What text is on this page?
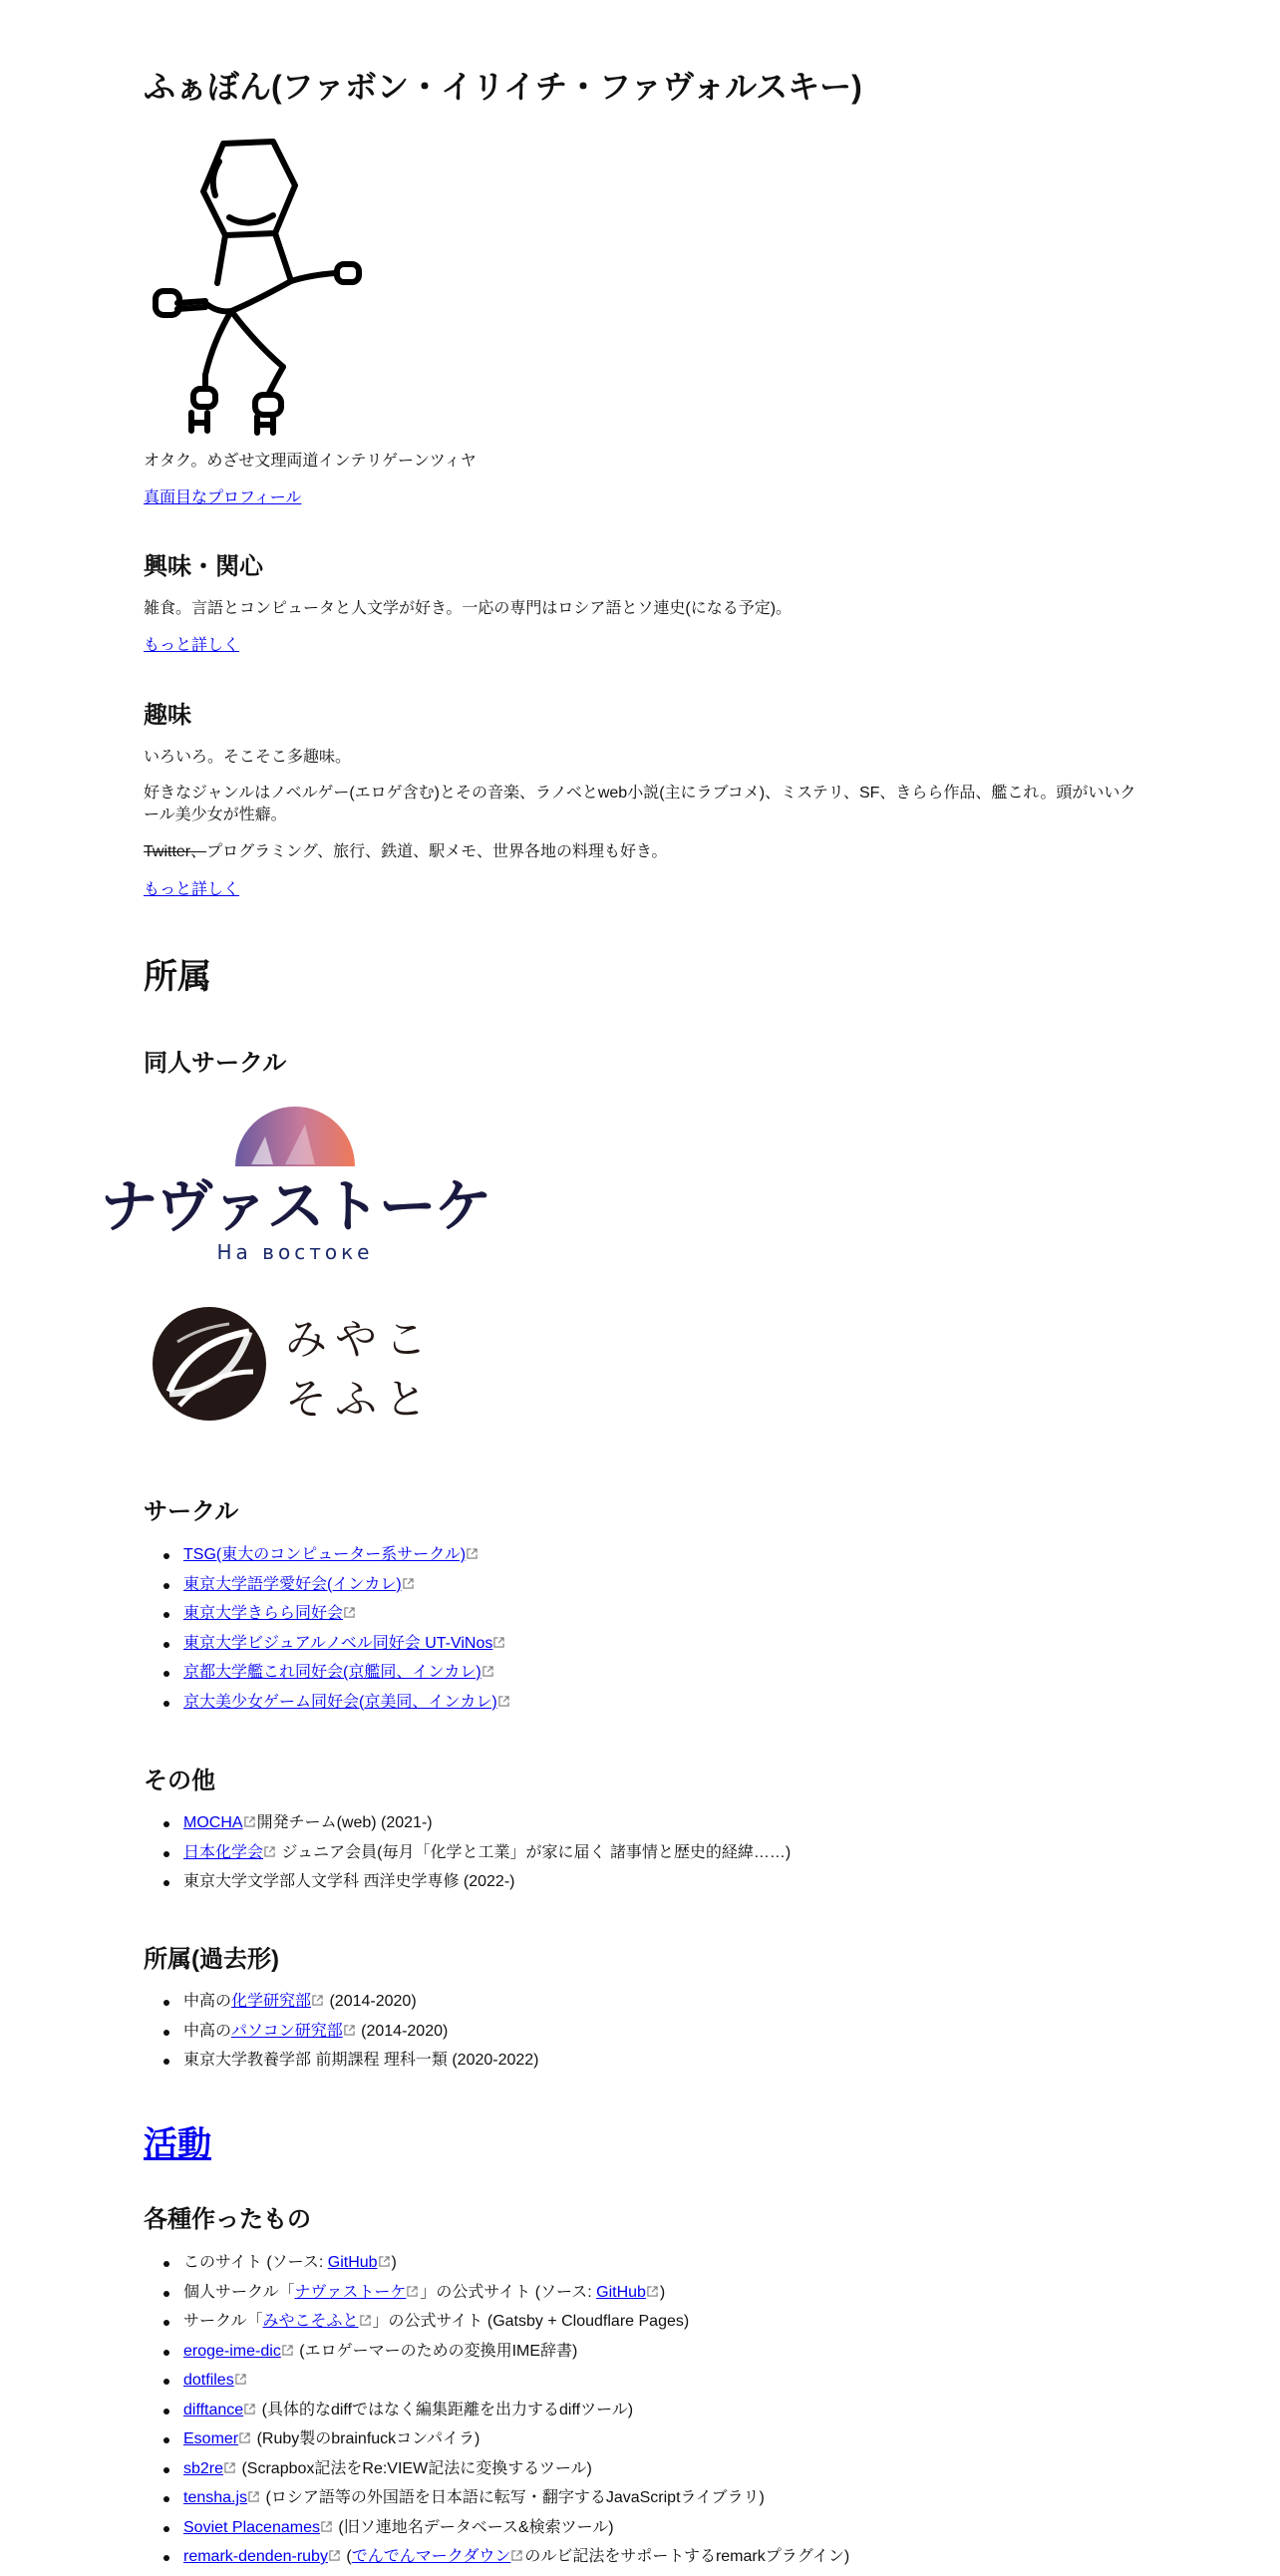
ふぁぼん(ファボン・イリイチ・ファヴォルスキー)

オタク。めざせ文理両道インテリゲーンツィヤ

真面目なプロフィール
興味・関心

雑食。言語とコンピュータと人文学が好き。一応の専門はロシア語とソ連史(になる予定)。

もっと詳しく
趣味

いろいろ。そこそこ多趣味。

好きなジャンルはノベルゲー(エロゲ含む)とその音楽、ラノベとweb小説(主にラブコメ)、ミステリ、SF、きらら作品、艦これ。頭がいいク

ール美少女が性癖。

Twitter、プログラミング、旅行、鉄道、駅メモ、世界各地の料理も好き。

もっと詳しく
所属
同人サークル
ナヴァストーケ
На востоке
みやこ
そふと
サークル
TSG(東大のコンピューター系サークル)
東京大学語学愛好会(インカレ)
東京大学きらら同好会
東京大学ビジュアルノベル同好会 UT-ViNos
京都大学艦これ同好会(京艦同、インカレ)
京大美少女ゲーム同好会(京美同、インカレ)
その他
MOCHA 開発チーム(web) (2021-)
日本化学会
ジュニア会員(毎月「化学と工業」が家に届く 諸事情と歴史的経緯……)
東京大学文学部人文学科 西洋史学専修 (2022-)
所属(過去形)
中高の化学研究部
(2014-2020)
中高のパソコン研究部
(2014-2020)
東京大学教養学部 前期課程 理科一類 (2020-2022)
活動
各種作ったもの
このサイト (ソース: GitHub )
個人サークル「ナヴァストーケ 」の公式サイト (ソース: GitHub )
サークル「みやこそふと 」の公式サイト (Gatsby + Cloudflare Pages)
eroge-ime-dic
(エロゲーマーのための変換用IME辞書)
dotfiles
difftance
(具体的なdiffではなく編集距離を出力するdiffツール)
Esomer
(Ruby製のbrainfuckコンパイラ)
sb2re
(Scrapbox記法をRe:VIEW記法に変換するツール)
tensha.js
(ロシア語等の外国語を日本語に転写・翻字するJavaScriptライブラリ)
Soviet Placenames
(旧ソ連地名データベース&検索ツール)
remark-denden-ruby
(でんでんマークダウン のルビ記法をサポートするremarkプラグイン)
